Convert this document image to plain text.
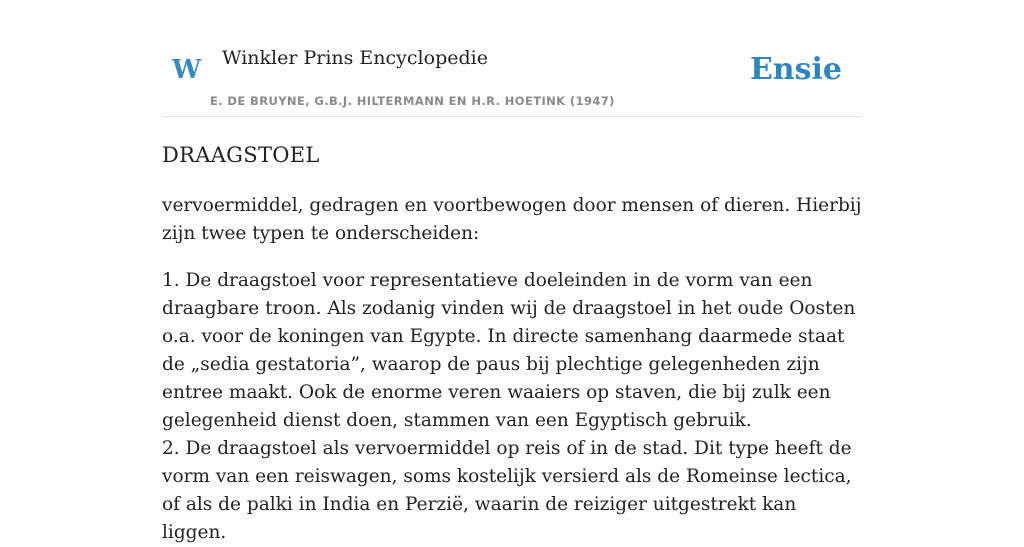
W Winkler Prins Encyclopedie
E. DE BRUYNE, G.B.J. HILTERMANN EN H.R. HOETINK (1947)
Ensie
DRAAGSTOEL

vervoermiddel, gedragen en voortbewogen door mensen of dieren. Hierbij zijn twee typen te onderscheiden:

1. De draagstoel voor representatieve doeleinden in de vorm van een draagbare troon. Als zodanig vinden wij de draagstoel in het oude Oosten o.a. voor de koningen van Egypte. In directe samenhang daarmede staat de „sedia gestatoria”, waarop de paus bij plechtige gelegenheden zijn entree maakt. Ook de enorme veren waaiers op staven, die bij zulk een gelegenheid dienst doen, stammen van een Egyptisch gebruik.

2. De draagstoel als vervoermiddel op reis of in de stad. Dit type heeft de vorm van een reiswagen, soms kostelijk versierd als de Romeinse lectica, of als de palki in India en Perzië, waarin de reiziger uitgestrekt kan liggen.
